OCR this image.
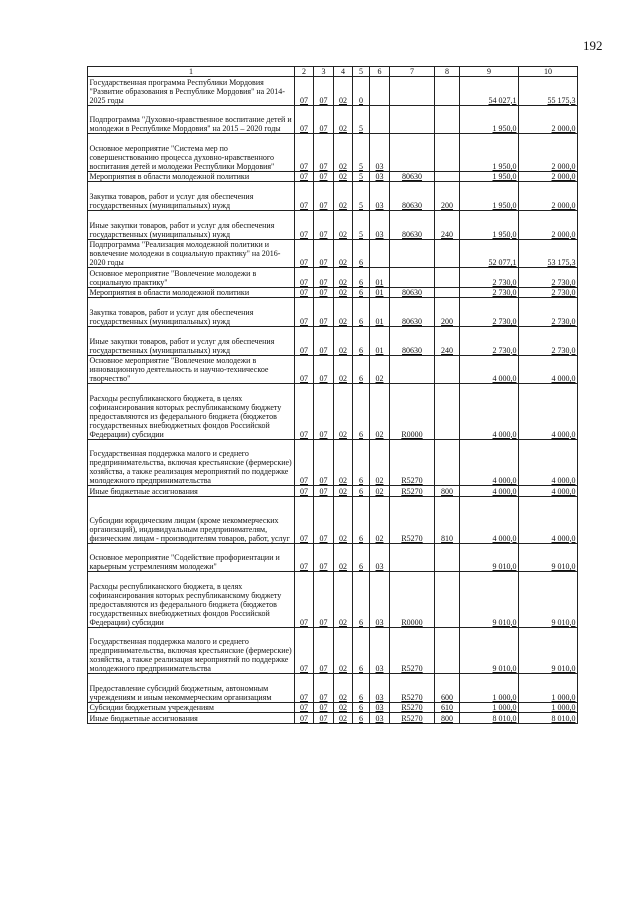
192
1	2	3	4	5	6	7	8	9	10
Государственная программа Республики Мордовия "Развитие образования в Республике Мордовия" на 2014-2025 годы	07	07	02	0				54 027,1	55 175,3
Подпрограмма "Духовно-нравственное воспитание детей и молодежи в Республике Мордовия" на 2015 – 2020 годы	07	07	02	5				1 950,0	2 000,0
Основное мероприятие "Система мер по совершенствованию процесса духовно-нравственного воспитания детей и молодежи Республики Мордовия"	07	07	02	5	03			1 950,0	2 000,0
Мероприятия в области молодежной политики	07	07	02	5	03	80630		1 950,0	2 000,0
Закупка товаров, работ и услуг для обеспечения государственных (муниципальных) нужд	07	07	02	5	03	80630	200	1 950,0	2 000,0
Иные закупки товаров, работ и услуг для обеспечения государственных (муниципальных) нужд	07	07	02	5	03	80630	240	1 950,0	2 000,0
Подпрограмма "Реализация молодежной политики и вовлечение молодежи в социальную практику" на 2016-2020 годы	07	07	02	6				52 077,1	53 175,3
Основное мероприятие "Вовлечение молодежи в социальную практику"	07	07	02	6	01			2 730,0	2 730,0
Мероприятия в области молодежной политики	07	07	02	6	01	80630		2 730,0	2 730,0
Закупка товаров, работ и услуг для обеспечения государственных (муниципальных) нужд	07	07	02	6	01	80630	200	2 730,0	2 730,0
Иные закупки товаров, работ и услуг для обеспечения государственных (муниципальных) нужд	07	07	02	6	01	80630	240	2 730,0	2 730,0
Основное мероприятие "Вовлечение молодежи в инновационную деятельность и научно-техническое творчество"	07	07	02	6	02			4 000,0	4 000,0
Расходы республиканского бюджета, в целях софинансирования которых республиканскому бюджету предоставляются из федерального бюджета (бюджетов государственных внебюджетных фондов Российской Федерации) субсидии	07	07	02	6	02	R0000		4 000,0	4 000,0
Государственная поддержка малого и среднего предпринимательства, включая крестьянские (фермерские) хозяйства, а также реализация мероприятий по поддержке молодежного предпринимательства	07	07	02	6	02	R5270		4 000,0	4 000,0
Иные бюджетные ассигнования	07	07	02	6	02	R5270	800	4 000,0	4 000,0
Субсидии юридическим лицам (кроме некоммерческих организаций), индивидуальным предпринимателям, физическим лицам - производителям товаров, работ, услуг	07	07	02	6	02	R5270	810	4 000,0	4 000,0
Основное мероприятие "Содействие профориентации и карьерным устремлениям молодежи"	07	07	02	6	03			9 010,0	9 010,0
Расходы республиканского бюджета, в целях софинансирования которых республиканскому бюджету предоставляются из федерального бюджета (бюджетов государственных внебюджетных фондов Российской Федерации) субсидии	07	07	02	6	03	R0000		9 010,0	9 010,0
Государственная поддержка малого и среднего предпринимательства, включая крестьянские (фермерские) хозяйства, а также реализация мероприятий по поддержке молодежного предпринимательства	07	07	02	6	03	R5270		9 010,0	9 010,0
Предоставление субсидий бюджетным, автономным учреждениям и иным некоммерческим организациям	07	07	02	6	03	R5270	600	1 000,0	1 000,0
Субсидии бюджетным учреждениям	07	07	02	6	03	R5270	610	1 000,0	1 000,0
Иные бюджетные ассигнования	07	07	02	6	03	R5270	800	8 010,0	8 010,0
